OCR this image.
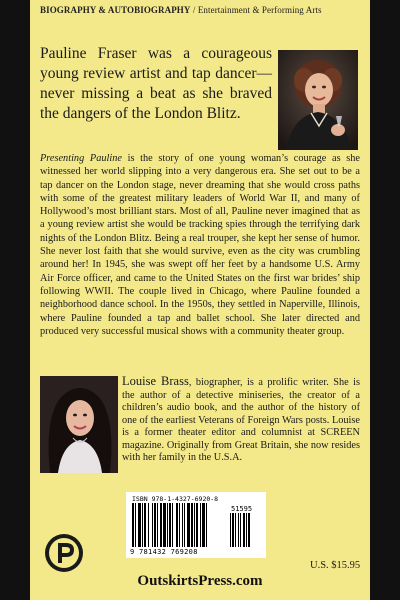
BIOGRAPHY & AUTOBIOGRAPHY / Entertainment & Performing Arts
Pauline Fraser was a courageous young review artist and tap dancer—never missing a beat as she braved the dangers of the London Blitz.
Presenting Pauline is the story of one young woman’s courage as she witnessed her world slipping into a very dangerous era. She set out to be a tap dancer on the London stage, never dreaming that she would cross paths with some of the greatest military leaders of World War II, and many of Hollywood’s most brilliant stars. Most of all, Pauline never imagined that as a young review artist she would be tracking spies through the terrifying dark nights of the London Blitz. Being a real trouper, she kept her sense of humor. She never lost faith that she would survive, even as the city was crumbling around her! In 1945, she was swept off her feet by a handsome U.S. Army Air Force officer, and came to the United States on the first war brides’ ship following WWII. The couple lived in Chicago, where Pauline founded a neighborhood dance school. In the 1950s, they settled in Naperville, Illinois, where Pauline founded a tap and ballet school. She later directed and produced very successful musical shows with a community theater group.
Louise Brass, biographer, is a prolific writer. She is the author of a detective miniseries, the creator of a children’s audio book, and the author of the history of one of the earliest Veterans of Foreign Wars posts. Louise is a former theater editor and columnist at SCREEN magazine. Originally from Great Britain, she now resides with her family in the U.S.A.
ISBN 978-1-4327-6920-8
51595
9 781432 769208
U.S. $15.95
OutskirtsPress.com
